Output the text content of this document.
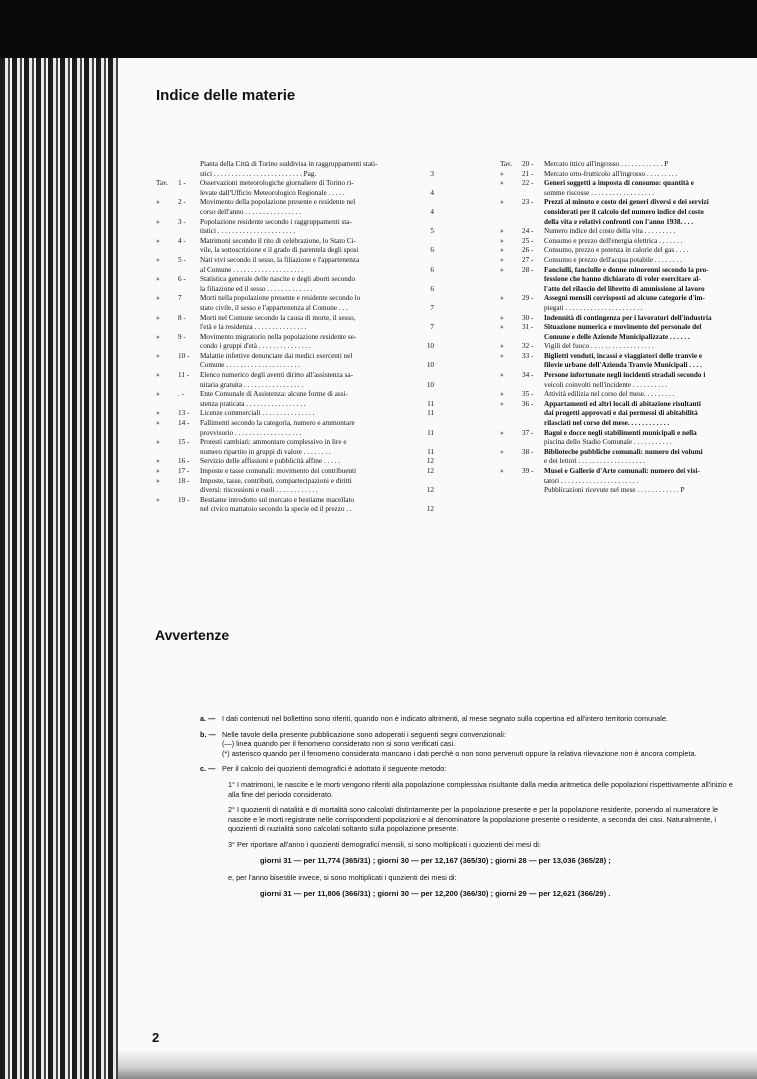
Indice delle materie
Pianta della Città di Torino suddivisa in raggruppamenti stati-
stici . . . . . . . . . . . . . . . . . . . . . . . . . Pag.	3
Tav.	1 -	Osservazioni meteorologiche giornaliere di Torino ri-
levate dall'Ufficio Meteorologico Regionale . . . . .	4
»	2 -	Movimento della popolazione presente e residente nel
corso dell'anno . . . . . . . . . . . . . . . .	4
»	3 -	Popolazione residente secondo i raggruppamenti sta-
tistici . . . . . . . . . . . . . . . . . . . . . .	5
»	4 -	Matrimoni secondo il rito di celebrazione, lo Stato Ci-
vile, la sottoscrizione e il grado di parentela degli sposi	6
»	5 -	Nati vivi secondo il sesso, la filiazione e l'appartenenza
al Comune . . . . . . . . . . . . . . . . . . . .	6
»	6 -	Statistica generale delle nascite e degli aborti secondo
la filiazione ed il sesso . . . . . . . . . . . . .	6
»	7	Morti nella popolazione presente e residente secondo lo
stato civile, il sesso e l'appartenenza al Comune . . .	7
»	8 -	Morti nel Comune secondo la causa di morte, il sesso,
l'età e la residenza . . . . . . . . . . . . . . .	7
»	9 -	Movimento migratorio nella popolazione residente se-
condo i gruppi d'età . . . . . . . . . . . . . . .	10
»	10 -	Malattie infettive denunciate dai medici esercenti nel
Comune . . . . . . . . . . . . . . . . . . . . .	10
»	11 -	Elenco numerico degli aventi diritto all'assistenza sa-
nitaria gratuita . . . . . . . . . . . . . . . . .	10
»	. -	Ente Comunale di Assistenza: alcune forme di assi-
stenza praticata . . . . . . . . . . . . . . . . .	11
»	13 -	Licenze commerciali . . . . . . . . . . . . . . .	11
»	14 -	Fallimenti secondo la categoria, numero e ammontare
provvisorio . . . . . . . . . . . . . . . . . . .	11
»	15 -	Protesti cambiari: ammontare complessivo in lire e
numero ripartito in gruppi di valore . . . . . . . .	11
»	16 -	Servizio delle affissioni e pubblicità affine . . . . .	12
»	17 -	Imposte e tasse comunali: movimento dei contribuenti	12
»	18 -	Imposte, tasse, contributi, compartecipazioni e diritti
diversi: riscossioni e ruoli . . . . . . . . . . . .	12
»	19 -	Bestiame introdotto sul mercato e bestiame macellato
nel civico mattatoio secondo la specie ed il prezzo . .	12
Tav.	20 -	Mercato ittico all'ingrosso . . . . . . . . . . . . P
»	21 -	Mercato orto-frutticolo all'ingrosso . . . . . . . . .
»	22 -	Generi soggetti a imposta di consumo: quantità e
somme riscosse . . . . . . . . . . . . . . . . . .
»	23 -	Prezzi al minuto e costo dei generi diversi e dei servizi
considerati per il calcolo del numero indice del costo
della vita e relativi confronti con l'anno 1938. . . .
»	24 -	Numero indice del costo della vita . . . . . . . . .
»	25 -	Consumo e prezzo dell'energia elettrica . . . . . . .
»	26 -	Consumo, prezzo e potenza in calorie del gas . . . .
»	27 -	Consumo e prezzo dell'acqua potabile . . . . . . . .
»	28 -	Fanciulli, fanciulle e donne minorenni secondo la pro-
fessione che hanno dichiarato di voler esercitare al-
l'atto del rilascio del libretto di ammissione al lavoro
»	29 -	Assegni mensili corrisposti ad alcune categorie d'im-
piegati . . . . . . . . . . . . . . . . . . . . . .
»	30 -	Indennità di contingenza per i lavoratori dell'industria
»	31 -	Situazione numerica e movimento del personale del
Comune e delle Aziende Municipalizzate . . . . . .
»	32 -	Vigili del fuoco . . . . . . . . . . . . . . . . . .
»	33 -	Biglietti venduti, incassi e viaggiatori delle tranvie e
filovie urbane dell'Azienda Tranvie Municipali . . . .
»	34 -	Persone infortunate negli incidenti stradali secondo i
veicoli coinvolti nell'incidente . . . . . . . . . .
»	35 -	Attività edilizia nel corso del mese. . . . . . . . .
»	36 -	Appartamenti ed altri locali di abitazione risultanti
dai progetti approvati e dai permessi di abitabilità
rilasciati nel corso del mese. . . . . . . . . . . .
»	37 -	Bagni e docce negli stabilimenti municipali e nella
piscina dello Stadio Comunale . . . . . . . . . . .
»	38 -	Biblioteche pubbliche comunali: numero dei volumi
e dei lettori . . . . . . . . . . . . . . . . . . .
»	39 -	Musei e Gallerie d'Arte comunali: numero dei visi-
tatori . . . . . . . . . . . . . . . . . . . . . .
Pubblicazioni ricevute nel mese . . . . . . . . . . . . P
Avvertenze
a. — I dati contenuti nel bollettino sono riferiti, quando non è indicato altrimenti, al mese segnato sulla copertina ed all'intero territorio comunale.
b. — Nelle tavole della presente pubblicazione sono adoperati i seguenti segni convenzionali:
(—) linea quando per il fenomeno considerato non si sono verificati casi.
(*) asterisco quando per il fenomeno considerato mancano i dati perchè o non sono pervenuti oppure la relativa rilevazione non è ancora completa.
c. — Per il calcolo dei quozienti demografici è adottato il seguente metodo:
1° I matrimoni, le nascite e le morti vengono riferiti alla popolazione complessiva risultante dalla media aritmetica delle popolazioni rispettivamente all'inizio e alla fine del periodo considerato.
2° I quozienti di natalità e di mortalità sono calcolati distintamente per la popolazione presente e per la popolazione residente, ponendo al numeratore le nascite e le morti registrate nelle corrispondenti popolazioni e al denominatore la popolazione presente o residente, a seconda dei casi. Naturalmente, i quozienti di nuzialità sono calcolati soltanto sulla popolazione presente.
3° Per riportare all'anno i quozienti demografici mensili, si sono moltiplicati i quozienti dei mesi di:
giorni 31 — per 11,774 (365/31) ; giorni 30 — per 12,167 (365/30) ; giorni 28 — per 13,036 (365/28) ;
e, per l'anno bisestile invece, si sono moltiplicati i quozienti dei mesi di:
giorni 31 — per 11,806 (366/31) ; giorni 30 — per 12,200 (366/30) ; giorni 29 — per 12,621 (366/29) .
2
